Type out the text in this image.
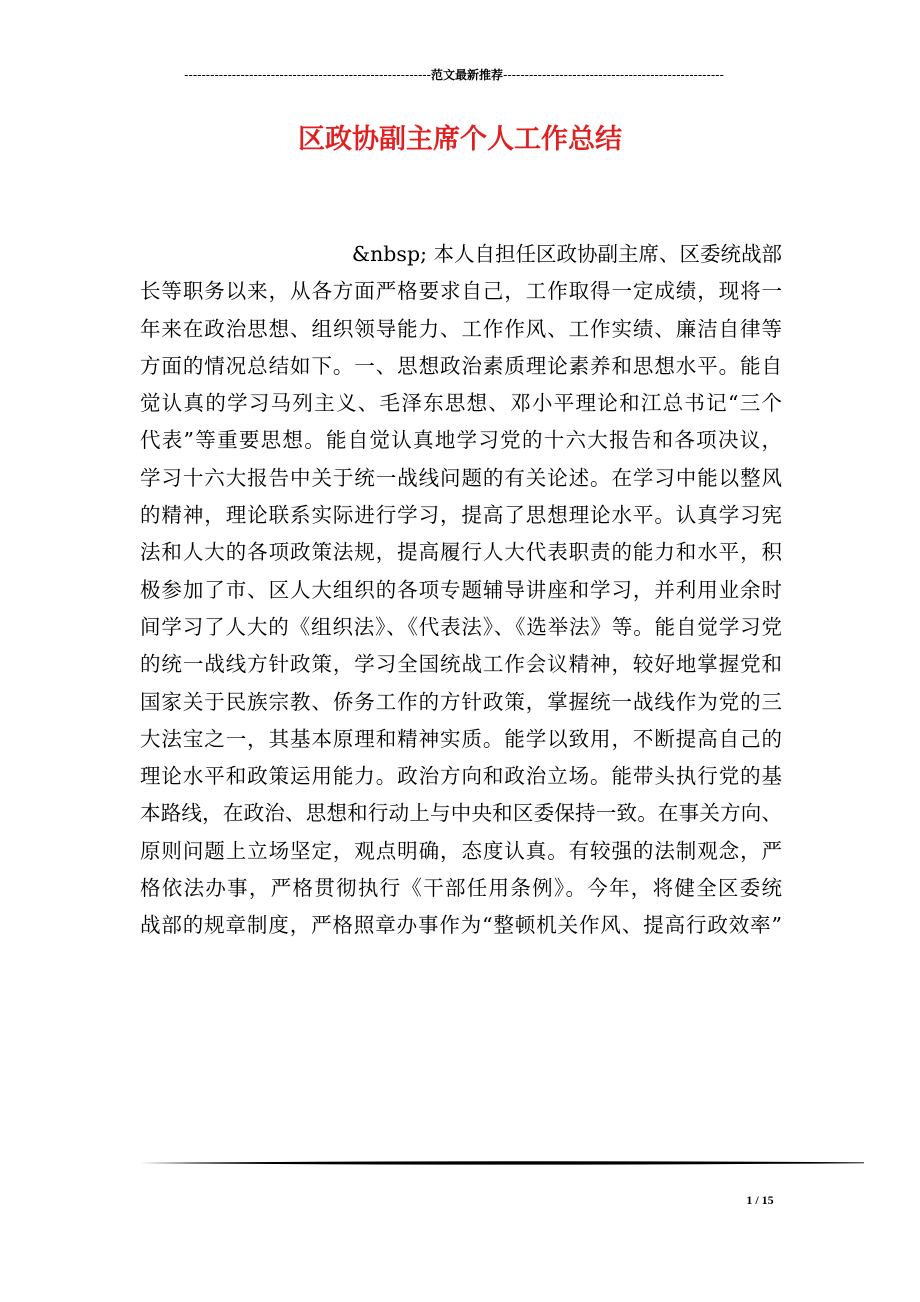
---------------------------------------------------------范文最新推荐---------------------------------------------------
区政协副主席个人工作总结
&nbsp; 本人自担任区政协副主席、区委统战部
长等职务以来，从各方面严格要求自己，工作取得一定成绩，现将一
年来在政治思想、组织领导能力、工作作风、工作实绩、廉洁自律等
方面的情况总结如下。一、思想政治素质理论素养和思想水平。能自
觉认真的学习马列主义、毛泽东思想、邓小平理论和江总书记“三个
代表”等重要思想。能自觉认真地学习党的十六大报告和各项决议，
学习十六大报告中关于统一战线问题的有关论述。在学习中能以整风
的精神，理论联系实际进行学习，提高了思想理论水平。认真学习宪
法和人大的各项政策法规，提高履行人大代表职责的能力和水平，积
极参加了市、区人大组织的各项专题辅导讲座和学习，并利用业余时
间学习了人大的《组织法》、《代表法》、《选举法》等。能自觉学习党
的统一战线方针政策，学习全国统战工作会议精神，较好地掌握党和
国家关于民族宗教、侨务工作的方针政策，掌握统一战线作为党的三
大法宝之一，其基本原理和精神实质。能学以致用，不断提高自己的
理论水平和政策运用能力。政治方向和政治立场。能带头执行党的基
本路线，在政治、思想和行动上与中央和区委保持一致。在事关方向、
原则问题上立场坚定，观点明确，态度认真。有较强的法制观念，严
格依法办事，严格贯彻执行《干部任用条例》。今年，将健全区委统
战部的规章制度，严格照章办事作为“整顿机关作风、提高行政效率”
1 / 15
